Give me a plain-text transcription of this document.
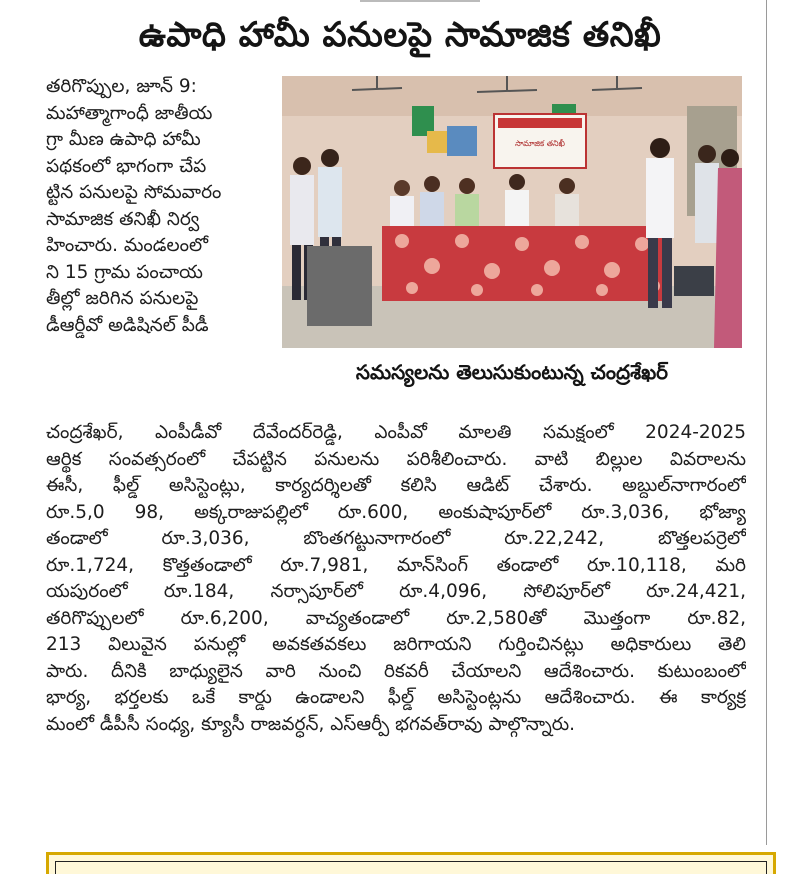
ఉపాధి హామీ పనులపై సామాజిక తనిఖీ
తరిగొప్పుల, జూన్ 9:
మహాత్మాగాంధీ జాతీయ
గ్రా మీణ ఉపాధి హామీ
పథకంలో భాగంగా చేప
ట్టిన పనులపై సోమవారం
సామాజిక తనిఖీ నిర్వ
హించారు. మండలంలో
ని 15 గ్రామ పంచాయ
తీల్లో జరిగిన పనులపై
డీఆర్డీవో అడిషినల్ పీడీ
సామాజిక తనిఖీ
సమస్యలను తెలుసుకుంటున్న చంద్రశేఖర్
చంద్రశేఖర్, ఎంపీడీవో దేవేందర్‌రెడ్డి, ఎంపీవో మాలతి సమక్షంలో 2024-2025
ఆర్థిక సంవత్సరంలో చేపట్టిన పనులను పరిశీలించారు. వాటి బిల్లుల వివరాలను
ఈసీ, ఫీల్డ్ అసిస్టెంట్లు, కార్యదర్శిలతో కలిసి ఆడిట్ చేశారు. అబ్దుల్‌నాగారంలో
రూ.5,0 98, అక్కరాజుపల్లిలో రూ.600, అంకుషాపూర్‌లో రూ.3,036, భోజ్యా
తండాలో రూ.3,036, బొంతగట్టునాగారంలో రూ.22,242, బొత్తలపర్రెలో
రూ.1,724, కొత్తతండాలో రూ.7,981, మాన్‌సింగ్ తండాలో రూ.10,118, మరి
యపురంలో రూ.184, నర్సాపూర్‌లో రూ.4,096, సోలిపూర్‌లో రూ.24,421,
తరిగొప్పులలో రూ.6,200, వాచ్యతండాలో రూ.2,580తో మొత్తంగా రూ.82,
213 విలువైన పనుల్లో అవకతవకలు జరిగాయని గుర్తించినట్లు అధికారులు తెలి
పారు. దీనికి బాధ్యులైన వారి నుంచి రికవరీ చేయాలని ఆదేశించారు. కుటుంబంలో
భార్య, భర్తలకు ఒకే కార్డు ఉండాలని ఫీల్డ్ అసిస్టెంట్లను ఆదేశించారు. ఈ కార్యక్ర
మంలో డీపీసీ సంధ్య, క్యూసీ రాజవర్ధన్, ఎస్ఆర్పీ భగవత్‌రావు పాల్గొన్నారు.
